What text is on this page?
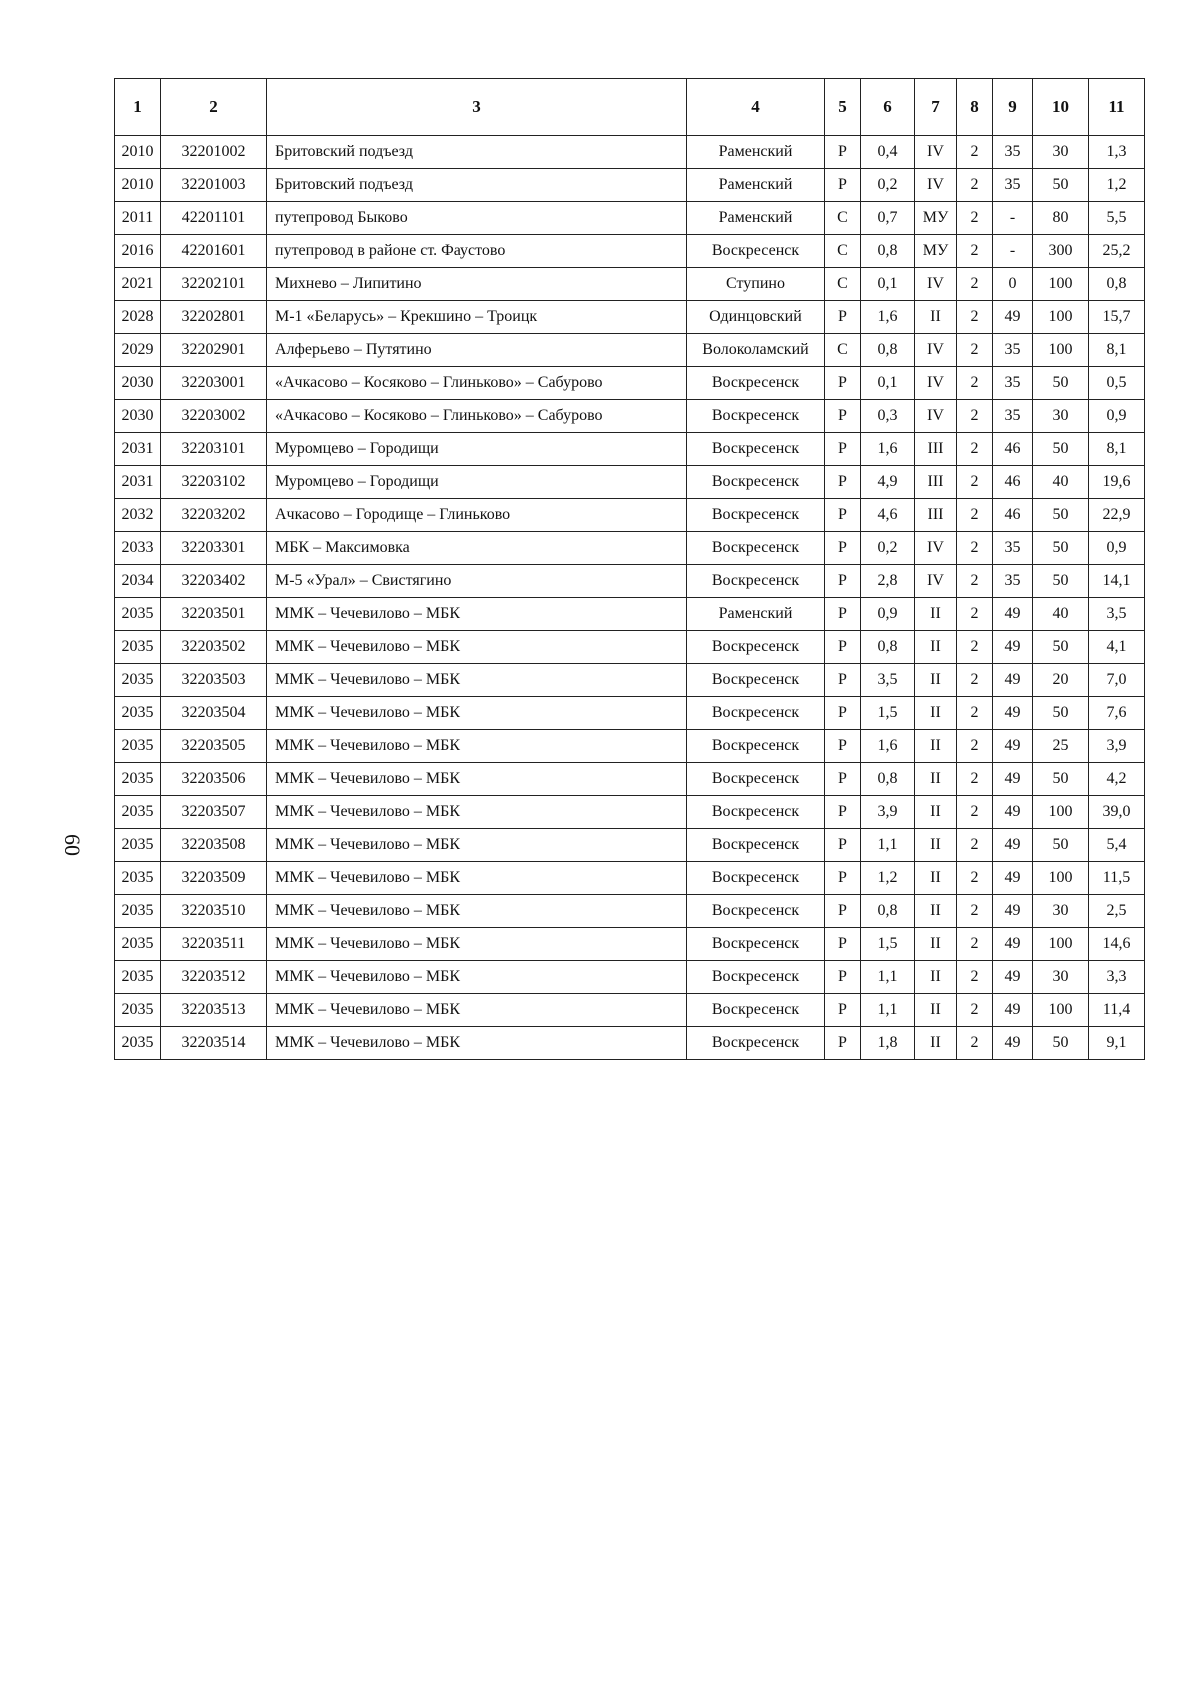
60
1	2	3	4	5	6	7	8	9	10	11
2010	32201002	Бритовский подъезд	Раменский	Р	0,4	IV	2	35	30	1,3
2010	32201003	Бритовский подъезд	Раменский	Р	0,2	IV	2	35	50	1,2
2011	42201101	путепровод Быково	Раменский	С	0,7	МУ	2	-	80	5,5
2016	42201601	путепровод в районе ст. Фаустово	Воскресенск	С	0,8	МУ	2	-	300	25,2
2021	32202101	Михнево – Липитино	Ступино	С	0,1	IV	2	0	100	0,8
2028	32202801	М-1 «Беларусь» – Крекшино – Троицк	Одинцовский	Р	1,6	II	2	49	100	15,7
2029	32202901	Алферьево – Путятино	Волоколамский	С	0,8	IV	2	35	100	8,1
2030	32203001	«Ачкасово – Косяково – Глиньково» – Сабурово	Воскресенск	Р	0,1	IV	2	35	50	0,5
2030	32203002	«Ачкасово – Косяково – Глиньково» – Сабурово	Воскресенск	Р	0,3	IV	2	35	30	0,9
2031	32203101	Муромцево – Городищи	Воскресенск	Р	1,6	III	2	46	50	8,1
2031	32203102	Муромцево – Городищи	Воскресенск	Р	4,9	III	2	46	40	19,6
2032	32203202	Ачкасово – Городище – Глиньково	Воскресенск	Р	4,6	III	2	46	50	22,9
2033	32203301	МБК – Максимовка	Воскресенск	Р	0,2	IV	2	35	50	0,9
2034	32203402	М-5 «Урал» – Свистягино	Воскресенск	Р	2,8	IV	2	35	50	14,1
2035	32203501	ММК – Чечевилово – МБК	Раменский	Р	0,9	II	2	49	40	3,5
2035	32203502	ММК – Чечевилово – МБК	Воскресенск	Р	0,8	II	2	49	50	4,1
2035	32203503	ММК – Чечевилово – МБК	Воскресенск	Р	3,5	II	2	49	20	7,0
2035	32203504	ММК – Чечевилово – МБК	Воскресенск	Р	1,5	II	2	49	50	7,6
2035	32203505	ММК – Чечевилово – МБК	Воскресенск	Р	1,6	II	2	49	25	3,9
2035	32203506	ММК – Чечевилово – МБК	Воскресенск	Р	0,8	II	2	49	50	4,2
2035	32203507	ММК – Чечевилово – МБК	Воскресенск	Р	3,9	II	2	49	100	39,0
2035	32203508	ММК – Чечевилово – МБК	Воскресенск	Р	1,1	II	2	49	50	5,4
2035	32203509	ММК – Чечевилово – МБК	Воскресенск	Р	1,2	II	2	49	100	11,5
2035	32203510	ММК – Чечевилово – МБК	Воскресенск	Р	0,8	II	2	49	30	2,5
2035	32203511	ММК – Чечевилово – МБК	Воскресенск	Р	1,5	II	2	49	100	14,6
2035	32203512	ММК – Чечевилово – МБК	Воскресенск	Р	1,1	II	2	49	30	3,3
2035	32203513	ММК – Чечевилово – МБК	Воскресенск	Р	1,1	II	2	49	100	11,4
2035	32203514	ММК – Чечевилово – МБК	Воскресенск	Р	1,8	II	2	49	50	9,1
